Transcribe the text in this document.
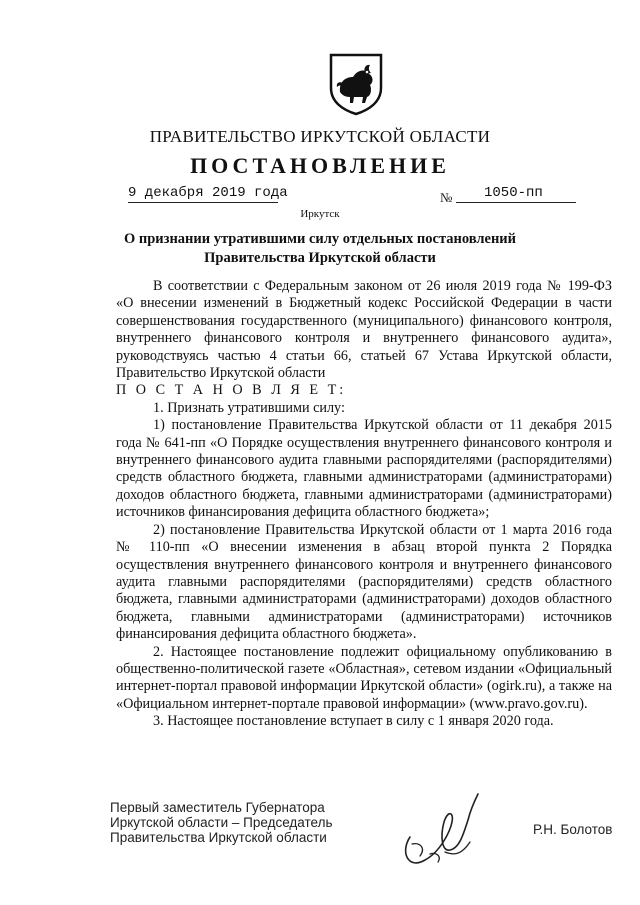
ПРАВИТЕЛЬСТВО ИРКУТСКОЙ ОБЛАСТИ
ПОСТАНОВЛЕНИЕ
9 декабря 2019 года	№ 1050-пп
Иркутск
О признании утратившими силу отдельных постановлений
Правительства Иркутской области

В соответствии с Федеральным законом от 26 июля 2019 года № 199-ФЗ «О внесении изменений в Бюджетный кодекс Российской Федерации в части совершенствования государственного (муниципального) финансового контроля, внутреннего финансового контроля и внутреннего финансового аудита», руководствуясь частью 4 статьи 66, статьей 67 Устава Иркутской области, Правительство Иркутской области

П О С Т А Н О В Л Я Е Т:

1. Признать утратившими силу:

1) постановление Правительства Иркутской области от 11 декабря 2015 года № 641-пп «О Порядке осуществления внутреннего финансового контроля и внутреннего финансового аудита главными распорядителями (распорядителями) средств областного бюджета, главными администраторами (администраторами) доходов областного бюджета, главными администраторами (администраторами) источников финансирования дефицита областного бюджета»;

2) постановление Правительства Иркутской области от 1 марта 2016 года № 110-пп «О внесении изменения в абзац второй пункта 2 Порядка осуществления внутреннего финансового контроля и внутреннего финансового аудита главными распорядителями (распорядителями) средств областного бюджета, главными администраторами (администраторами) доходов областного бюджета, главными администраторами (администраторами) источников финансирования дефицита областного бюджета».

2. Настоящее постановление подлежит официальному опубликованию в общественно-политической газете «Областная», сетевом издании «Официальный интернет-портал правовой информации Иркутской области» (ogirk.ru), а также на «Официальном интернет-портале правовой информации» (www.pravo.gov.ru).

3. Настоящее постановление вступает в силу с 1 января 2020 года.

Первый заместитель Губернатора
Иркутской области – Председатель
Правительства Иркутской области
Р.Н. Болотов
